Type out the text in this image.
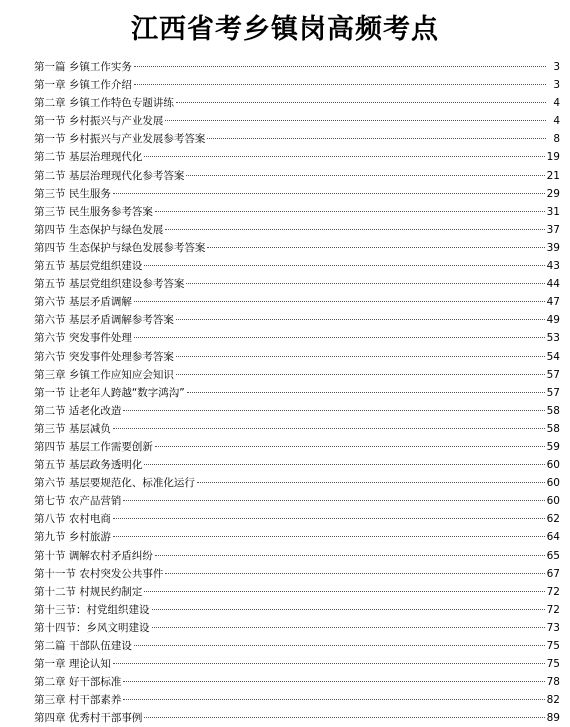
江西省考乡镇岗高频考点
第一篇 乡镇工作实务	3
第一章 乡镇工作介绍	3
第二章 乡镇工作特色专题讲练	4
第一节 乡村振兴与产业发展	4
第一节 乡村振兴与产业发展参考答案	8
第二节 基层治理现代化	19
第二节 基层治理现代化参考答案	21
第三节 民生服务	29
第三节 民生服务参考答案	31
第四节 生态保护与绿色发展	37
第四节 生态保护与绿色发展参考答案	39
第五节 基层党组织建设	43
第五节 基层党组织建设参考答案	44
第六节 基层矛盾调解	47
第六节 基层矛盾调解参考答案	49
第六节 突发事件处理	53
第六节 突发事件处理参考答案	54
第三章 乡镇工作应知应会知识	57
第一节 让老年人跨越“数字鸿沟”	57
第二节 适老化改造	58
第三节 基层减负	58
第四节 基层工作需要创新	59
第五节 基层政务透明化	60
第六节 基层要规范化、标准化运行	60
第七节 农产品营销	60
第八节 农村电商	62
第九节 乡村旅游	64
第十节 调解农村矛盾纠纷	65
第十一节 农村突发公共事件	67
第十二节 村规民约制定	72
第十三节：村党组织建设	72
第十四节：乡风文明建设	73
第二篇 干部队伍建设	75
第一章 理论认知	75
第二章 好干部标准	78
第三章 村干部素养	82
第四章 优秀村干部事例	89
